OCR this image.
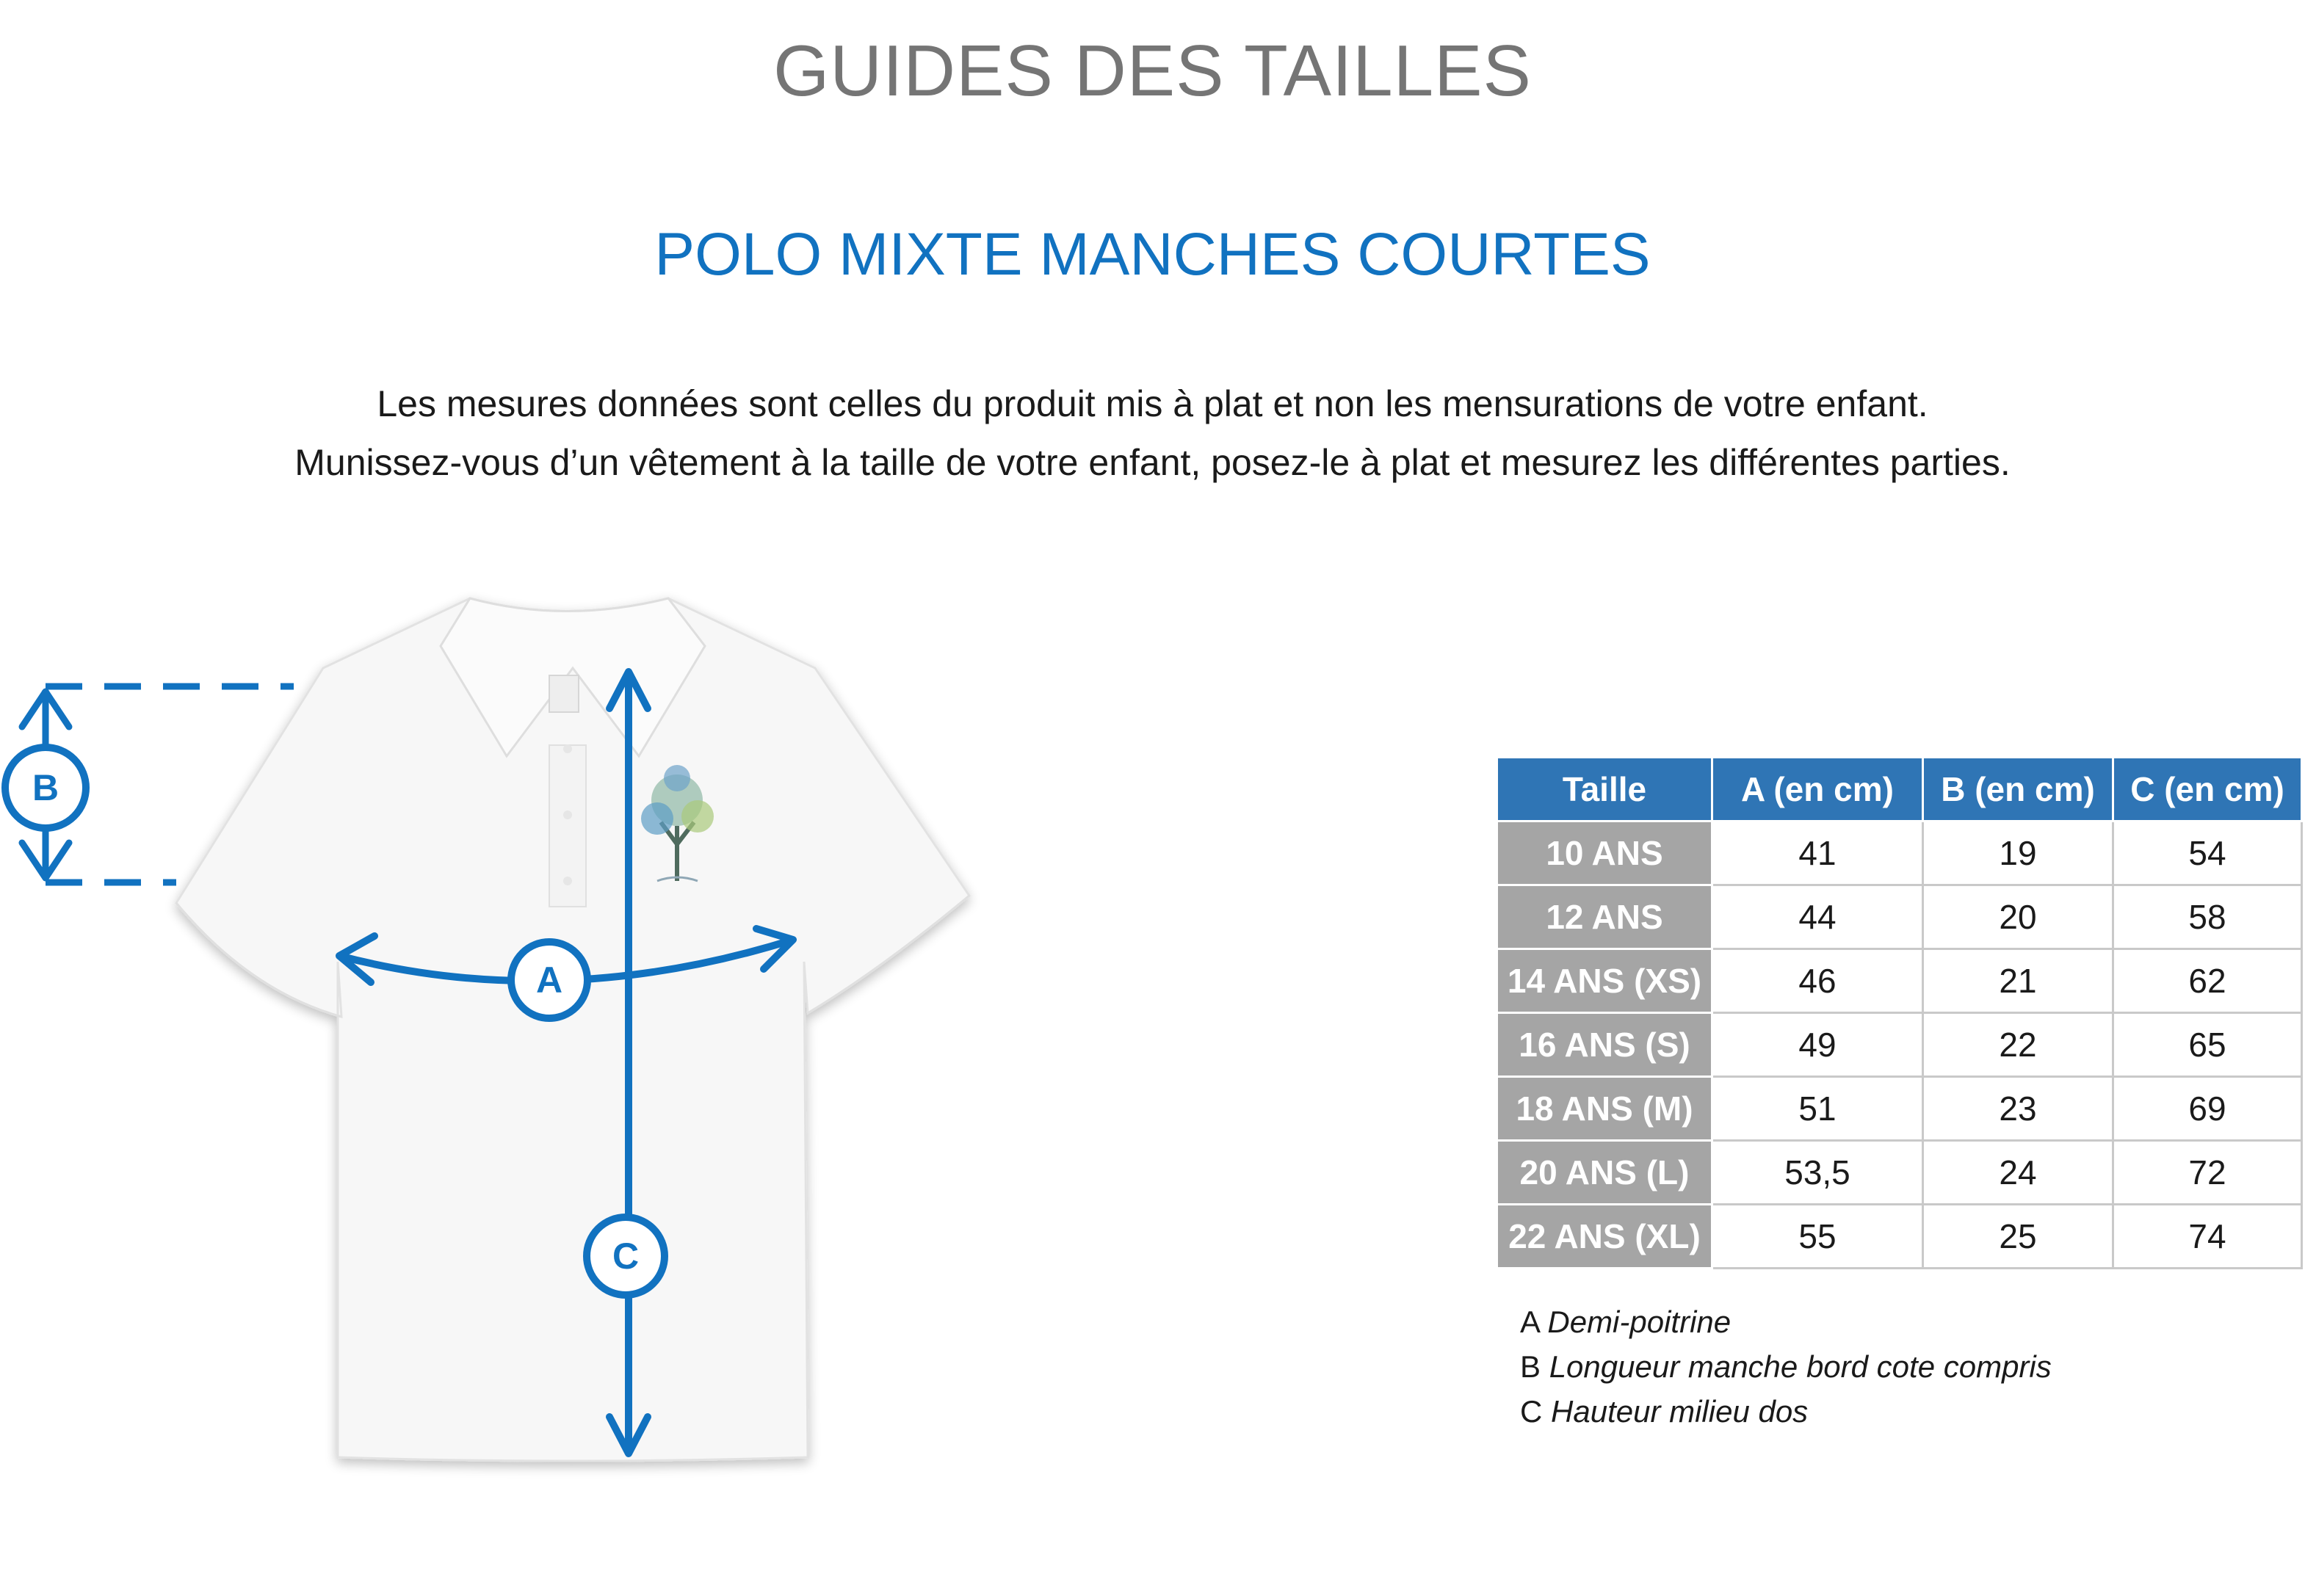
GUIDES DES TAILLES
POLO MIXTE MANCHES COURTES
Les mesures données sont celles du produit mis à plat et non les mensurations de votre enfant.
Munissez-vous d’un vêtement à la taille de votre enfant, posez-le à plat et mesurez les différentes parties.
B
A
C
Taille	A (en cm)	B (en cm)	C (en cm)
10 ANS	41	19	54
12 ANS	44	20	58
14 ANS (XS)	46	21	62
16 ANS (S)	49	22	65
18 ANS (M)	51	23	69
20 ANS (L)	53,5	24	72
22 ANS (XL)	55	25	74
A Demi-poitrine
B Longueur manche bord cote compris
C Hauteur milieu dos
